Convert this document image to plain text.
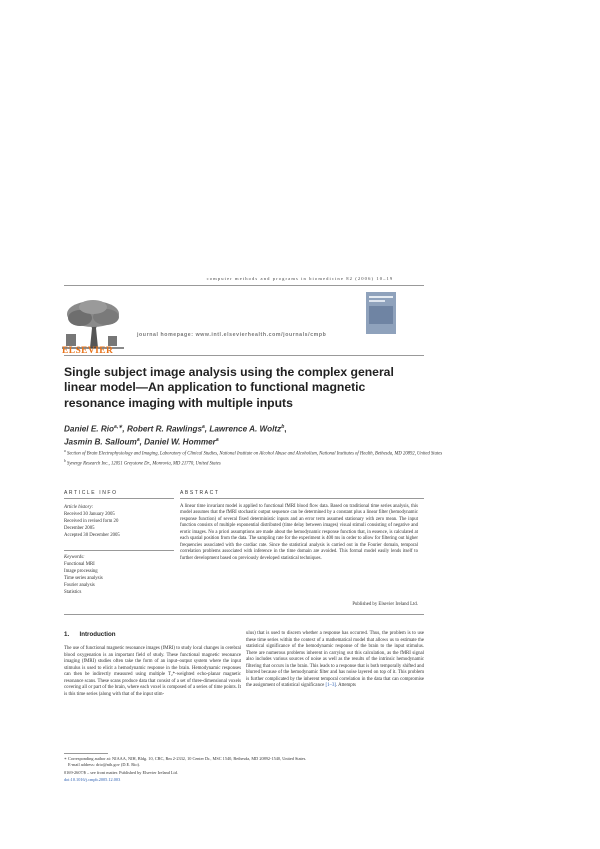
computer methods and programs in biomedicine 82 (2006) 10–19
ELSEVIER
journal homepage: www.intl.elsevierhealth.com/journals/cmpb
Single subject image analysis using the complex general linear model—An application to functional magnetic resonance imaging with multiple inputs
Daniel E. Rio$^{a,∗}$, Robert R. Rawlings$^a$, Lawrence A. Woltz$^b$,
Jasmin B. Salloum$^a$, Daniel W. Hommer$^a$
$^a$ Section of Brain Electrophysiology and Imaging, Laboratory of Clinical Studies, National Institute on Alcohol Abuse and Alcoholism, National Institutes of Health, Bethesda, MD 20892, United States
$^b$ Synergy Research Inc., 12051 Greystone Dr., Monrovia, MD 21770, United States
ARTICLE INFO	ABSTRACT
Article history:
Received 30 January 2005
Received in revised form 20
December 2005
Accepted 30 December 2005
Keywords:
Functional MRI
Image processing
Time series analysis
Fourier analysis
Statistics
A linear time invariant model is applied to functional fMRI blood flow data. Based on traditional time series analysis, this model assumes that the fMRI stochastic output sequence can be determined by a constant plus a linear filter (hemodynamic response function) of several fixed deterministic inputs and an error term assumed stationary with zero mean. The input function consists of multiple exponential distributed (time delay between images) visual stimuli consisting of negative and erotic images. No a priori assumptions are made about the hemodynamic response function that, in essence, is calculated at each spatial position from the data. The sampling rate for the experiment is 400 ms in order to allow for filtering out higher frequencies associated with the cardiac rate. Since the statistical analysis is carried out in the Fourier domain, temporal correlation problems associated with inference in the time domain are avoided. This formal model easily lends itself to further development based on previously developed statistical techniques.
Published by Elsevier Ireland Ltd.
1. Introduction
The use of functional magnetic resonance images (fMRI) to study local changes in cerebral blood oxygenation is an important field of study. These functional magnetic resonance imaging (fMRI) studies often take the form of an input–output system where the input stimulus is used to elicit a hemodynamic response in the brain. Hemodynamic responses can then be indirectly measured using multiple T₂*-weighted echo-planar magnetic resonance scans. These scans produce data that consist of a set of three-dimensional voxels covering all or part of the brain, where each voxel is composed of a series of time points. It is this time series (along with that of the input stim-
ulus) that is used to discern whether a response has occurred. Thus, the problem is to use these time series within the context of a mathematical model that allows us to estimate the statistical significance of the hemodynamic response of the brain to the input stimulus. There are numerous problems inherent in carrying out this calculation, as the fMRI signal also includes various sources of noise as well as the results of the intrinsic hemodynamic filtering that occurs in the brain. This leads to a response that is both temporally shifted and blurred because of the hemodynamic filter and has noise layered on top of it. This problem is further complicated by the inherent temporal correlation in the data that can compromise the assignment of statistical significance [1–3]. Attempts
∗ Corresponding author at: NIAAA, NIH, Bldg. 10, CRC, Rm 2-2332, 10 Center Dr., MSC 1540, Bethesda, MD 20892-1540, United States.
E-mail address: drio@nih.gov (D.E. Rio).
0169-2607/$ – see front matter. Published by Elsevier Ireland Ltd.
doi:10.1016/j.cmpb.2005.12.003
